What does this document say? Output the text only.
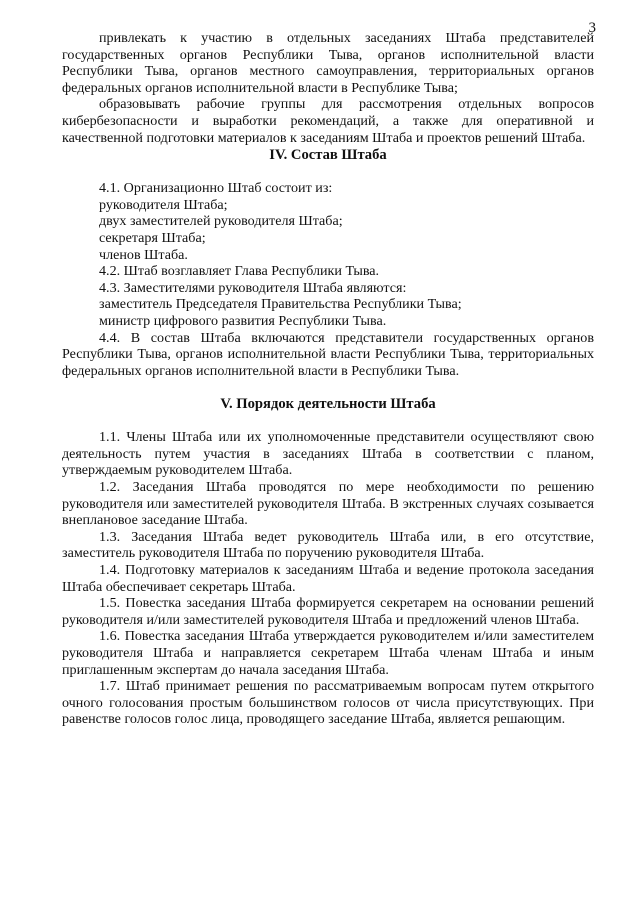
3

привлекать к участию в отдельных заседаниях Штаба представителей государственных органов Республики Тыва, органов исполнительной власти Республики Тыва, органов местного самоуправления, территориальных органов федеральных органов исполнительной власти в Республике Тыва;

образовывать рабочие группы для рассмотрения отдельных вопросов кибербезопасности и выработки рекомендаций, а также для оперативной и качественной подготовки материалов к заседаниям Штаба и проектов решений Штаба.

IV. Состав Штаба

4.1. Организационно Штаб состоит из:

руководителя Штаба;

двух заместителей руководителя Штаба;

секретаря Штаба;

членов Штаба.

4.2. Штаб возглавляет Глава Республики Тыва.

4.3. Заместителями руководителя Штаба являются:

заместитель Председателя Правительства Республики Тыва;

министр цифрового развития Республики Тыва.

4.4. В состав Штаба включаются представители государственных органов Республики Тыва, органов исполнительной власти Республики Тыва, территориальных федеральных органов исполнительной власти в Республики Тыва.

V. Порядок деятельности Штаба

1.1. Члены Штаба или их уполномоченные представители осуществляют свою деятельность путем участия в заседаниях Штаба в соответствии с планом, утверждаемым руководителем Штаба.

1.2. Заседания Штаба проводятся по мере необходимости по решению руководителя или заместителей руководителя Штаба. В экстренных случаях созывается внеплановое заседание Штаба.

1.3. Заседания Штаба ведет руководитель Штаба или, в его отсутствие, заместитель руководителя Штаба по поручению руководителя Штаба.

1.4. Подготовку материалов к заседаниям Штаба и ведение протокола заседания Штаба обеспечивает секретарь Штаба.

1.5. Повестка заседания Штаба формируется секретарем на основании решений руководителя и/или заместителей руководителя Штаба и предложений членов Штаба.

1.6. Повестка заседания Штаба утверждается руководителем и/или заместителем руководителя Штаба и направляется секретарем Штаба членам Штаба и иным приглашенным экспертам до начала заседания Штаба.

1.7. Штаб принимает решения по рассматриваемым вопросам путем открытого очного голосования простым большинством голосов от числа присутствующих. При равенстве голосов голос лица, проводящего заседание Штаба, является решающим.
